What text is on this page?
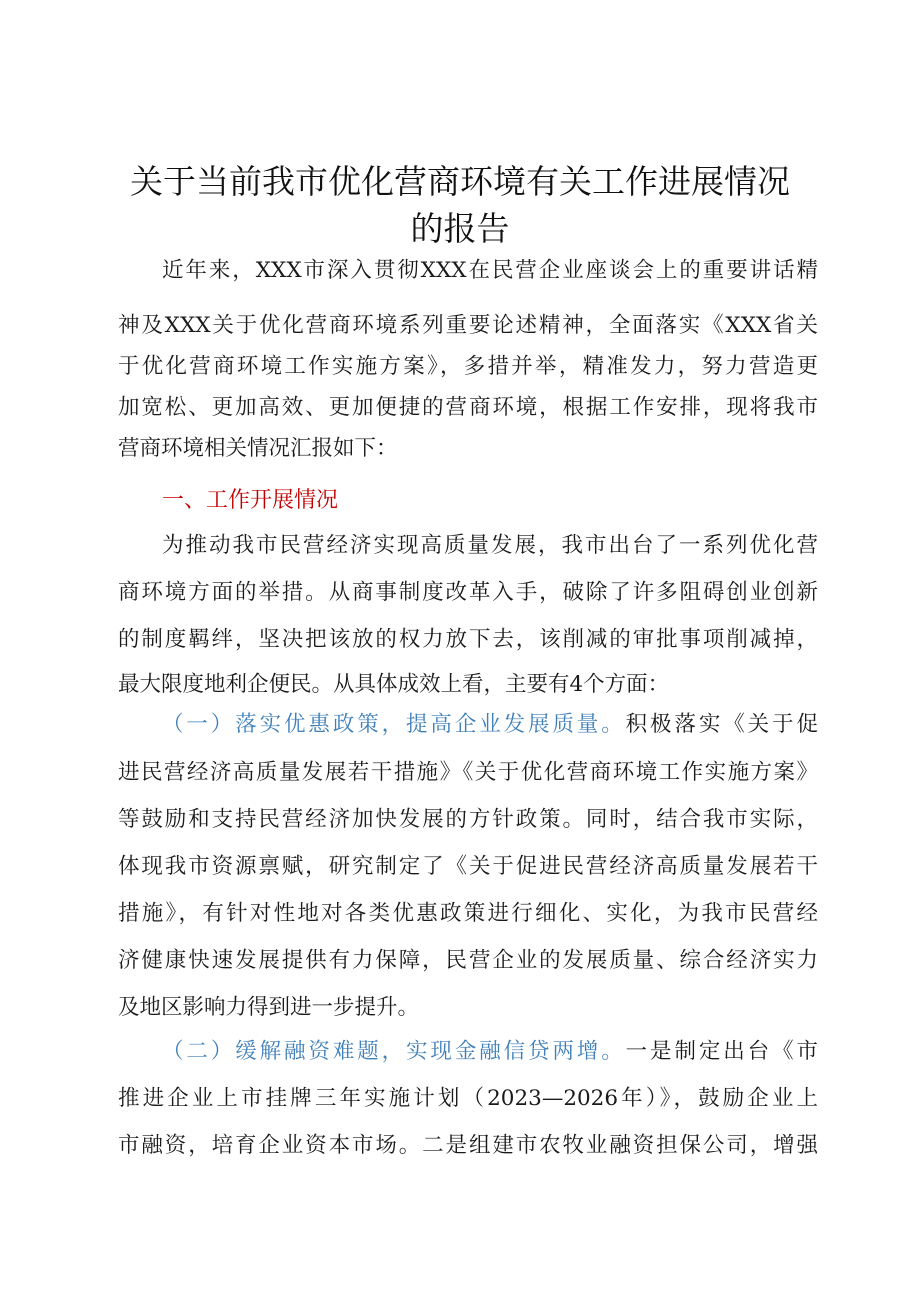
关于当前我市优化营商环境有关工作进展情况
的报告
近年来，XXX市深入贯彻XXX在民营企业座谈会上的重要讲话精
神及XXX关于优化营商环境系列重要论述精神，全面落实《XXX省关
于优化营商环境工作实施方案》，多措并举，精准发力，努力营造更
加宽松、更加高效、更加便捷的营商环境，根据工作安排，现将我市
营商环境相关情况汇报如下：
一、工作开展情况
为推动我市民营经济实现高质量发展，我市出台了一系列优化营
商环境方面的举措。从商事制度改革入手，破除了许多阻碍创业创新
的制度羁绊，坚决把该放的权力放下去，该削减的审批事项削减掉，
最大限度地利企便民。从具体成效上看，主要有4个方面：
（一）落实优惠政策，提高企业发展质量。积极落实《关于促
进民营经济高质量发展若干措施》《关于优化营商环境工作实施方案》
等鼓励和支持民营经济加快发展的方针政策。同时，结合我市实际，
体现我市资源禀赋，研究制定了《关于促进民营经济高质量发展若干
措施》，有针对性地对各类优惠政策进行细化、实化，为我市民营经
济健康快速发展提供有力保障，民营企业的发展质量、综合经济实力
及地区影响力得到进一步提升。
（二）缓解融资难题，实现金融信贷两增。一是制定出台《市
推进企业上市挂牌三年实施计划（2023—2026年）》，鼓励企业上
市融资，培育企业资本市场。二是组建市农牧业融资担保公司，增强
